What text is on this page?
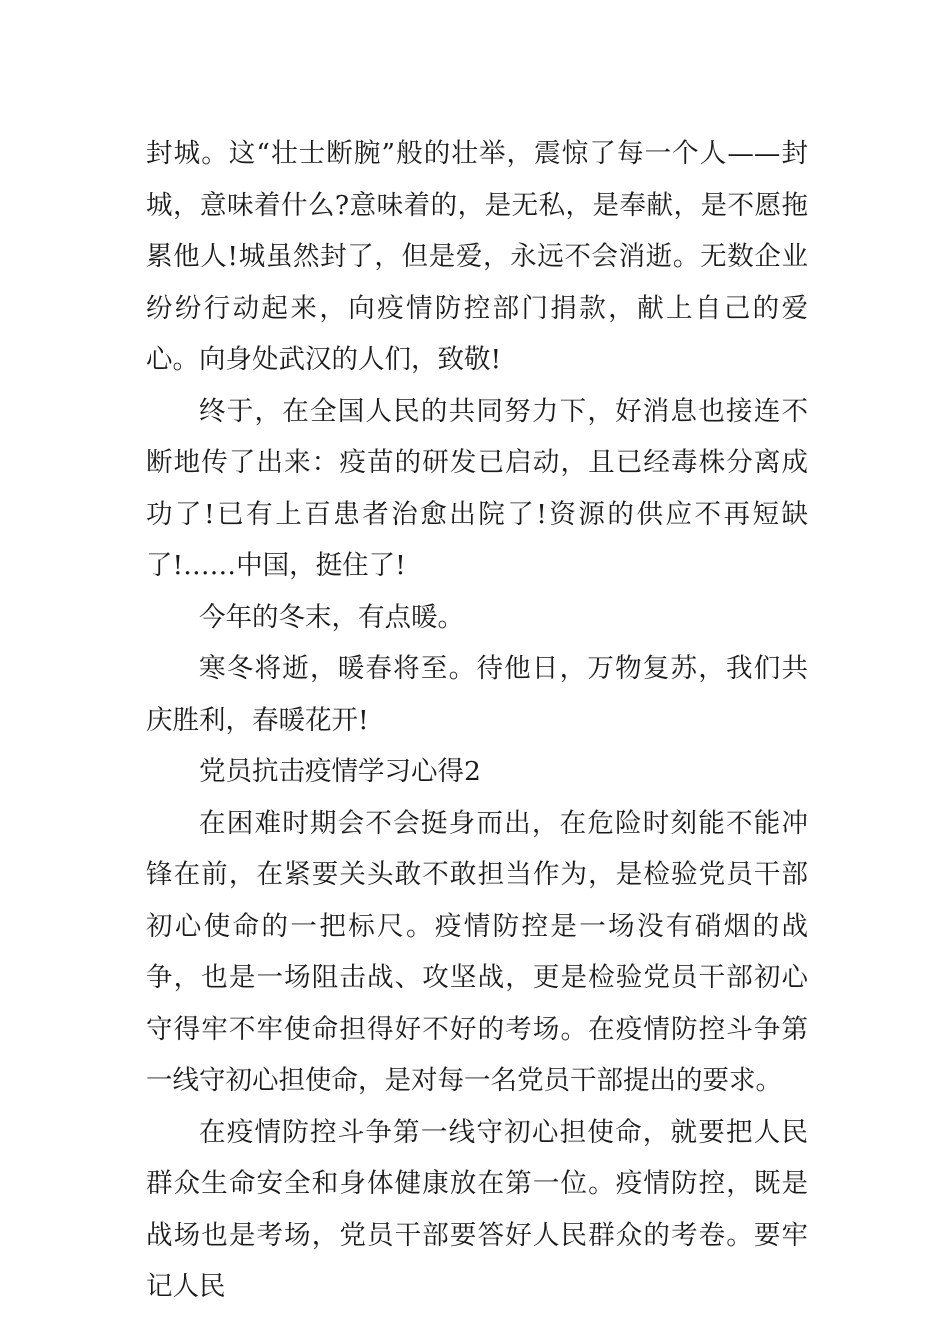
封城。这“壮士断腕”般的壮举，震惊了每一个人——封城，意味着什么?意味着的，是无私，是奉献，是不愿拖累他人!城虽然封了，但是爱，永远不会消逝。无数企业纷纷行动起来，向疫情防控部门捐款，献上自己的爱心。向身处武汉的人们，致敬!

终于，在全国人民的共同努力下，好消息也接连不断地传了出来：疫苗的研发已启动，且已经毒株分离成功了!已有上百患者治愈出院了!资源的供应不再短缺了!……中国，挺住了!

今年的冬末，有点暖。

寒冬将逝，暖春将至。待他日，万物复苏，我们共庆胜利，春暖花开!

党员抗击疫情学习心得2

在困难时期会不会挺身而出，在危险时刻能不能冲锋在前，在紧要关头敢不敢担当作为，是检验党员干部初心使命的一把标尺。疫情防控是一场没有硝烟的战争，也是一场阻击战、攻坚战，更是检验党员干部初心守得牢不牢使命担得好不好的考场。在疫情防控斗争第一线守初心担使命，是对每一名党员干部提出的要求。

在疫情防控斗争第一线守初心担使命，就要把人民群众生命安全和身体健康放在第一位。疫情防控，既是战场也是考场，党员干部要答好人民群众的考卷。要牢记人民
